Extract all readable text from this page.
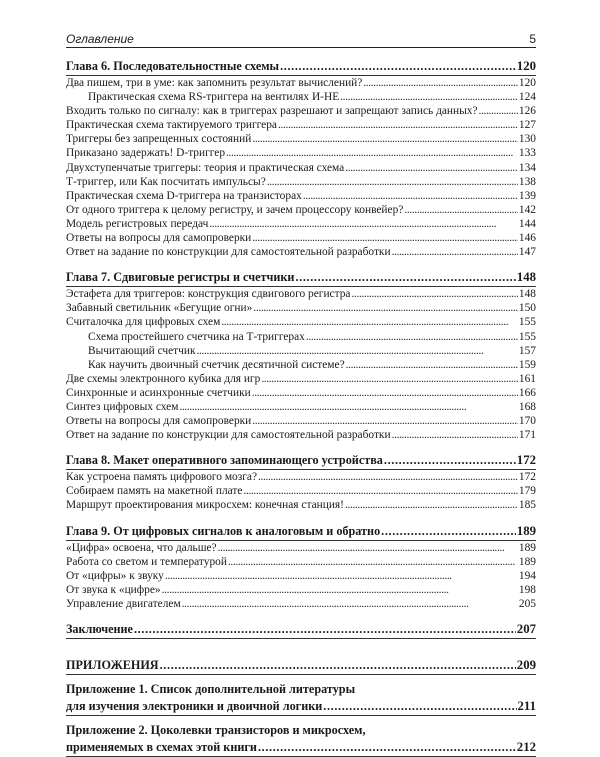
Оглавление	5
Глава 6. Последовательностные схемы . . .	120
Два пишем, три в уме: как запомнить результат вычислений? . . .	120
Практическая схема RS-триггера на вентилях И-НЕ . . .	124
Входить только по сигналу: как в триггерах разрешают и запрещают запись данных? . . .	126
Практическая схема тактируемого триггера . . .	127
Триггеры без запрещенных состояний . . .	130
Приказано задержать! D-триггер . . .	133
Двухступенчатые триггеры: теория и практическая схема . . .	134
Т-триггер, или Как посчитать импульсы? . . .	138
Практическая схема D-триггера на транзисторах . . .	139
От одного триггера к целому регистру, и зачем процессору конвейер? . . .	142
Модель регистровых передач . . .	144
Ответы на вопросы для самопроверки . . .	146
Ответ на задание по конструкции для самостоятельной разработки . . .	147
Глава 7. Сдвиговые регистры и счетчики . . .	148
Эстафета для триггеров: конструкция сдвигового регистра . . .	148
Забавный светильник «Бегущие огни» . . .	150
Считалочка для цифровых схем . . .	155
Схема простейшего счетчика на Т-триггерах . . .	155
Вычитающий счетчик . . .	157
Как научить двоичный счетчик десятичной системе? . . .	159
Две схемы электронного кубика для игр . . .	161
Синхронные и асинхронные счетчики . . .	166
Синтез цифровых схем . . .	168
Ответы на вопросы для самопроверки . . .	170
Ответ на задание по конструкции для самостоятельной разработки . . .	171
Глава 8. Макет оперативного запоминающего устройства . . .	172
Как устроена память цифрового мозга? . . .	172
Собираем память на макетной плате . . .	179
Маршрут проектирования микросхем: конечная станция! . . .	185
Глава 9. От цифровых сигналов к аналоговым и обратно . . .	189
«Цифра» освоена, что дальше? . . .	189
Работа со светом и температурой . . .	189
От «цифры» к звуку . . .	194
От звука к «цифре» . . .	198
Управление двигателем . . .	205
Заключение . . .	207
ПРИЛОЖЕНИЯ . . .	209
Приложение 1. Список дополнительной литературы
для изучения электроники и двоичной логики . . .	211
Приложение 2. Цоколевки транзисторов и микросхем,
применяемых в схемах этой книги . . .	212
